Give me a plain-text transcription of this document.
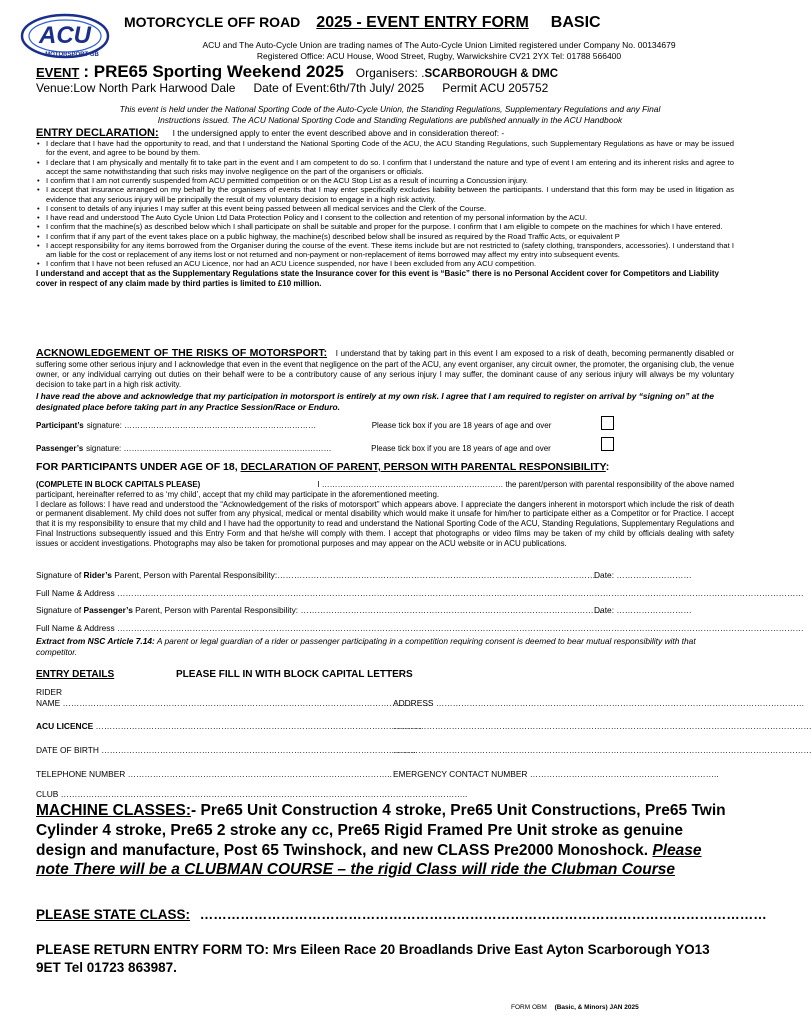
ACU
MOTORSPORT GB
MOTORCYCLE OFF ROAD 2025 - EVENT ENTRY FORM BASIC
ACU and The Auto-Cycle Union are trading names of The Auto-Cycle Union Limited registered under Company No. 00134679
Registered Office: ACU House, Wood Street, Rugby, Warwickshire CV21 2YX Tel: 01788 566400
EVENT : PRE65 Sporting Weekend 2025 Organisers: . SCARBOROUGH & DMC
Venue:Low North Park Harwood Dale Date of Event:6th/7th July/ 2025 Permit ACU 205752
This event is held under the National Sporting Code of the Auto-Cycle Union, the Standing Regulations, Supplementary Regulations and any Final Instructions issued. The ACU National Sporting Code and Standing Regulations are published annually in the ACU Handbook
ENTRY DECLARATION: I the undersigned apply to enter the event described above and in consideration thereof: -
• I declare that I have had the opportunity to read, and that I understand the National Sporting Code of the ACU, the ACU Standing Regulations, such Supplementary Regulations as have or may be issued for the event, and agree to be bound by them.
• I declare that I am physically and mentally fit to take part in the event and I am competent to do so. I confirm that I understand the nature and type of event I am entering and its inherent risks and agree to accept the same notwithstanding that such risks may involve negligence on the part of the organisers or officials.
• I confirm that I am not currently suspended from ACU permitted competition or on the ACU Stop List as a result of incurring a Concussion injury.
• I accept that insurance arranged on my behalf by the organisers of events that I may enter specifically excludes liability between the participants. I understand that this form may be used in litigation as evidence that any serious injury will be principally the result of my voluntary decision to engage in a high risk activity.
• I consent to details of any injuries I may suffer at this event being passed between all medical services and the Clerk of the Course.
• I have read and understood The Auto Cycle Union Ltd Data Protection Policy and I consent to the collection and retention of my personal information by the ACU.
• I confirm that the machine(s) as described below which I shall participate on shall be suitable and proper for the purpose. I confirm that I am eligible to compete on the machines for which I have entered.
• I confirm that if any part of the event takes place on a public highway, the machine(s) described below shall be insured as required by the Road Traffic Acts, or equivalent P
• I accept responsibility for any items borrowed from the Organiser during the course of the event. These items include but are not restricted to (safety clothing, transponders, accessories). I understand that I am liable for the cost or replacement of any items lost or not returned and non-payment or non-replacement of items borrowed may affect my entry into subsequent events.
• I confirm that I have not been refused an ACU Licence, nor had an ACU Licence suspended, nor have I been excluded from any ACU competition.
I understand and accept that as the Supplementary Regulations state the Insurance cover for this event is “Basic” there is no Personal Accident cover for Competitors and Liability cover in respect of any claim made by third parties is limited to £10 million.
ACKNOWLEDGEMENT OF THE RISKS OF MOTORSPORT: I understand that by taking part in this event I am exposed to a risk of death, becoming permanently disabled or suffering some other serious injury and I acknowledge that even in the event that negligence on the part of the ACU, any event organiser, any circuit owner, the promoter, the organising club, the venue owner, or any individual carrying out duties on their behalf were to be a contributory cause of any serious injury I may suffer, the dominant cause of any serious injury will always be my voluntary decision to take part in a high risk activity.
I have read the above and acknowledge that my participation in motorsport is entirely at my own risk. I agree that I am required to register on arrival by “signing on” at the designated place before taking part in any Practice Session/Race or Enduro.
Participant’s signature: ………………………………………………………………	Please tick box if you are 18 years of age and over
Passenger’s signature: ……………………………………………………………………	Please tick box if you are 18 years of age and over
FOR PARTICIPANTS UNDER AGE OF 18, DECLARATION OF PARENT, PERSON WITH PARENTAL RESPONSIBILITY:
(COMPLETE IN BLOCK CAPITALS PLEASE)	I …………………………………………………………… the parent/person with parental responsibility of the above named
participant, hereinafter referred to as ‘my child’, accept that my child may participate in the aforementioned meeting.
I declare as follows: I have read and understood the “Acknowledgement of the risks of motorsport” which appears above. I appreciate the dangers inherent in motorsport which include the risk of death or permanent disablement. My child does not suffer from any physical, medical or mental disability which would make it unsafe for him/her to participate either as a Competitor or for Practice. I accept that it is my responsibility to ensure that my child and I have had the opportunity to read and understand the National Sporting Code of the ACU, Standing Regulations, Supplementary Regulations and Final Instructions subsequently issued and this Entry Form and that he/she will comply with them. I accept that photographs or video films may be taken of my child by officials dealing with safety issues or accident investigations. Photographs may also be taken for promotional purposes and may appear on the ACU website or in ACU publications.
Signature of Rider’s Parent, Person with Parental Responsibility:……………………………………………………………………………………………………
Date: ………………………
Full Name & Address …………………………………………………………………………………………………………………………………………………………………………………………………………………………
Signature of Passenger’s Parent, Person with Parental Responsibility: ………………………………………………………………………………………………
Date: ………………………
Full Name & Address …………………………………………………………………………………………………………………………………………………………………………………………………………………………
Extract from NSC Article 7.14: A parent or legal guardian of a rider or passenger participating in a competition requiring consent is deemed to bear mutual responsibility with that competitor.
ENTRY DETAILS	PLEASE FILL IN WITH BLOCK CAPITAL LETTERS
RIDER
NAME ……………………………………………………………………………………………………………………
ADDRESS ……………………………………………………………………………………………………………………
ACU LICENCE ………………………………………………………………………………………………………
……………………………………………………………………………………………………………………………………
DATE OF BIRTH …………………………………………………………………………………………………..
……………………………………………………………………………………………………………………………………
TELEPHONE NUMBER ………………………………………………………………………………….. EMERGENCY CONTACT NUMBER …………………………………………………………..
CLUB ………………………………………………………………………………………………………………………………..
MACHINE CLASSES:- Pre65 Unit Construction 4 stroke, Pre65 Unit Constructions, Pre65 Twin Cylinder 4 stroke, Pre65 2 stroke any cc, Pre65 Rigid Framed Pre Unit stroke as genuine design and manufacture, Post 65 Twinshock, and new CLASS Pre2000 Monoshock. Please note There will be a CLUBMAN COURSE – the rigid Class will ride the Clubman Course
PLEASE STATE CLASS: ………………………………………………………………………………………………………………
PLEASE RETURN ENTRY FORM TO: Mrs Eileen Race 20 Broadlands Drive East Ayton Scarborough YO13 9ET Tel 01723 863987.
FORM OBM (Basic, & Minors) JAN 2025
